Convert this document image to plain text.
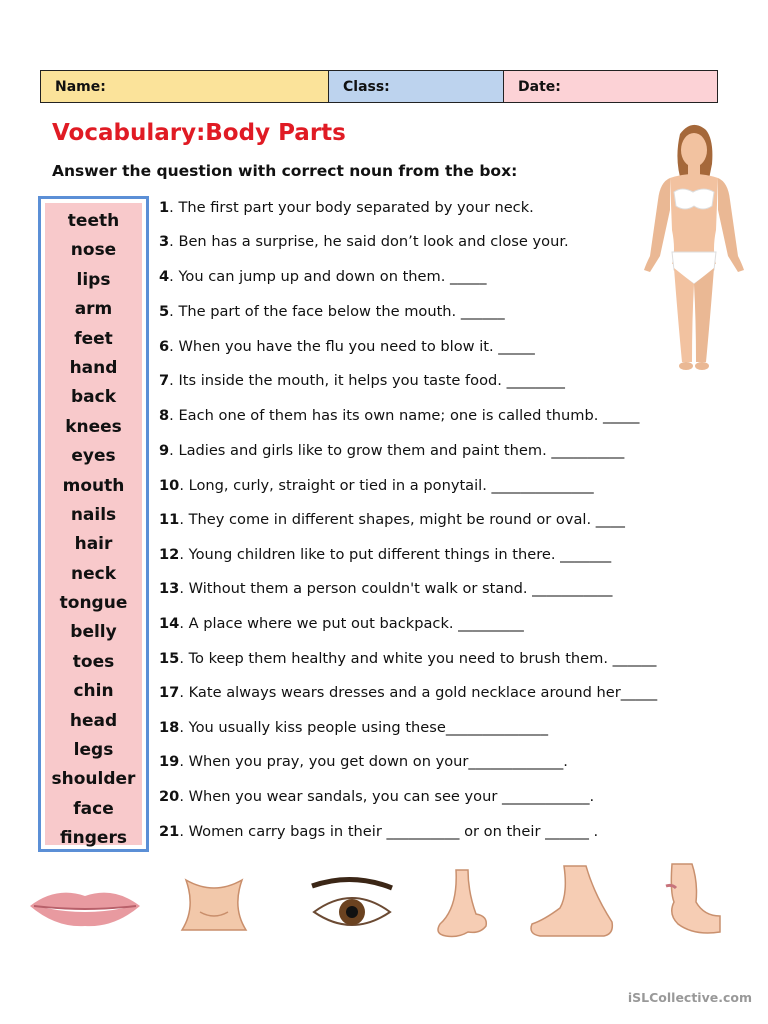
Name:	Class:	Date:
Vocabulary:Body Parts
Answer the question with correct noun from the box:
teeth
nose
lips
arm
feet
hand
back
knees
eyes
mouth
nails
hair
neck
tongue
belly
toes
chin
head
legs
shoulder
face
fingers
1. The first part your body separated by your neck.
3. Ben has a surprise, he said don’t look and close your.
4. You can jump up and down on them. _____
5. The part of the face below the mouth. ______
6. When you have the flu you need to blow it. _____
7. Its inside the mouth, it helps you taste food. ________
8. Each one of them has its own name; one is called thumb. _____
9. Ladies and girls like to grow them and paint them. __________
10. Long, curly, straight or tied in a ponytail. ______________
11. They come in different shapes, might be round or oval. ____
12. Young children like to put different things in there. _______
13. Without them a person couldn't walk or stand. ___________
14. A place where we put out backpack. _________
15. To keep them healthy and white you need to brush them. ______
17. Kate always wears dresses and a gold necklace around her_____
18. You usually kiss people using these______________
19. When you pray, you get down on your_____________.
20. When you wear sandals, you can see your ____________.
21. Women carry bags in their __________ or on their ______ .
iSLCollective.com
